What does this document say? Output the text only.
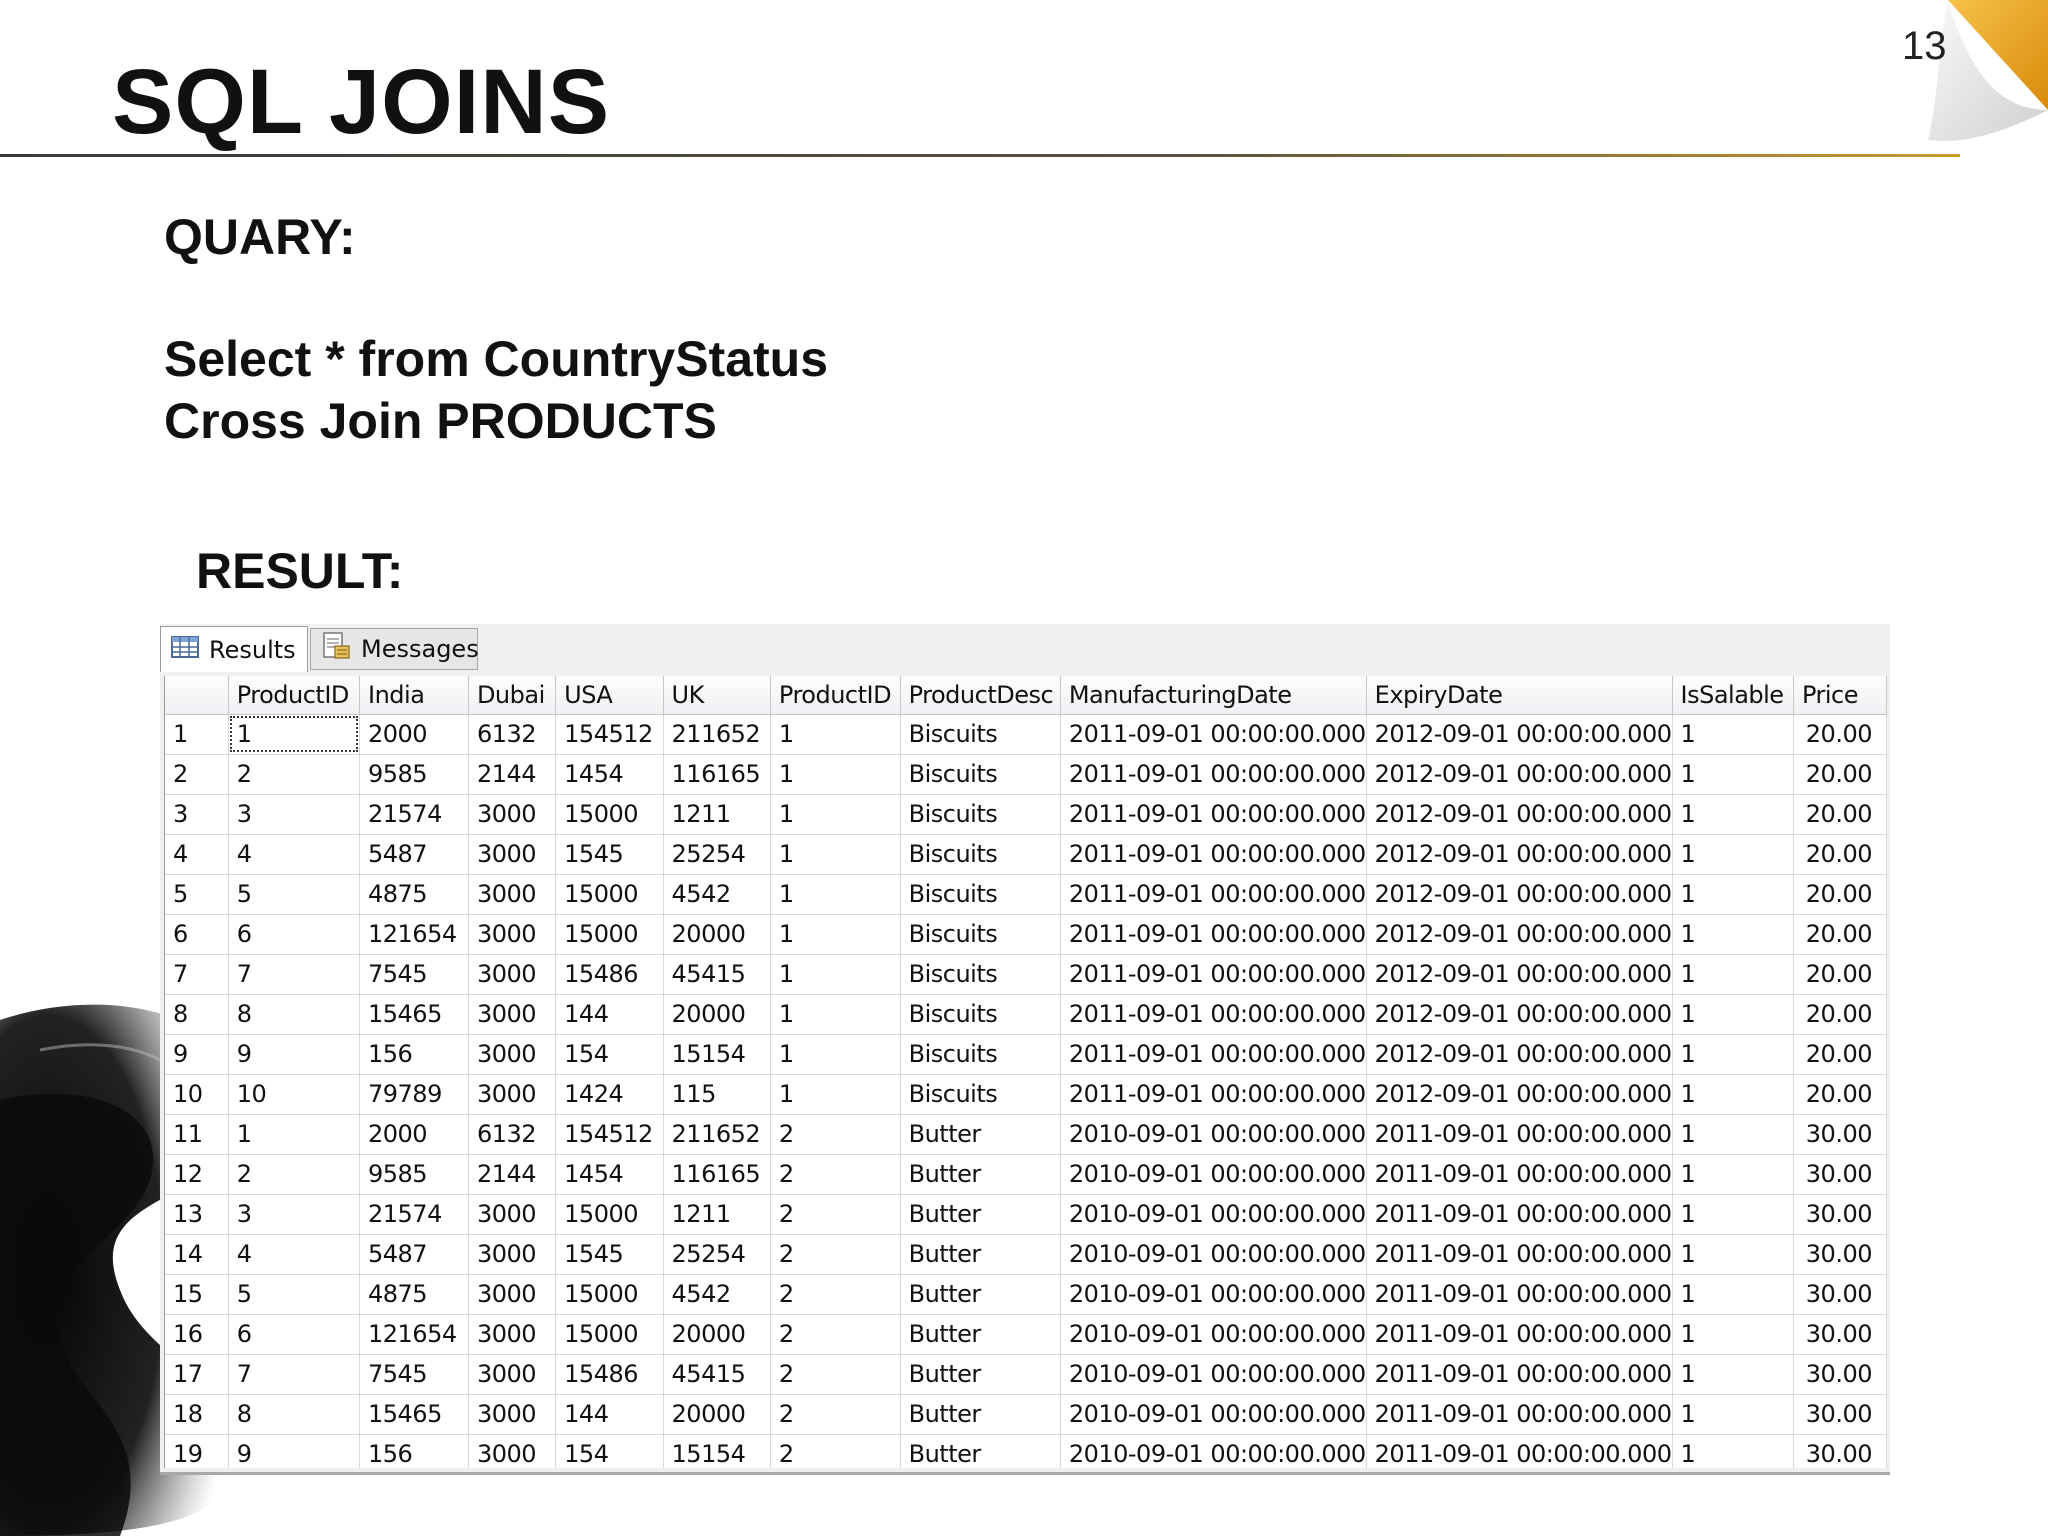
13
SQL JOINS

QUARY:

Select * from CountryStatus

Cross Join PRODUCTS

RESULT:

Results	Messages
	ProductID	India	Dubai	USA	UK	ProductID	ProductDesc	ManufacturingDate	ExpiryDate	IsSalable	Price
1	1	2000	6132	154512	211652	1	Biscuits	2011-09-01 00:00:00.000	2012-09-01 00:00:00.000	1	20.00
2	2	9585	2144	1454	116165	1	Biscuits	2011-09-01 00:00:00.000	2012-09-01 00:00:00.000	1	20.00
3	3	21574	3000	15000	1211	1	Biscuits	2011-09-01 00:00:00.000	2012-09-01 00:00:00.000	1	20.00
4	4	5487	3000	1545	25254	1	Biscuits	2011-09-01 00:00:00.000	2012-09-01 00:00:00.000	1	20.00
5	5	4875	3000	15000	4542	1	Biscuits	2011-09-01 00:00:00.000	2012-09-01 00:00:00.000	1	20.00
6	6	121654	3000	15000	20000	1	Biscuits	2011-09-01 00:00:00.000	2012-09-01 00:00:00.000	1	20.00
7	7	7545	3000	15486	45415	1	Biscuits	2011-09-01 00:00:00.000	2012-09-01 00:00:00.000	1	20.00
8	8	15465	3000	144	20000	1	Biscuits	2011-09-01 00:00:00.000	2012-09-01 00:00:00.000	1	20.00
9	9	156	3000	154	15154	1	Biscuits	2011-09-01 00:00:00.000	2012-09-01 00:00:00.000	1	20.00
10	10	79789	3000	1424	115	1	Biscuits	2011-09-01 00:00:00.000	2012-09-01 00:00:00.000	1	20.00
11	1	2000	6132	154512	211652	2	Butter	2010-09-01 00:00:00.000	2011-09-01 00:00:00.000	1	30.00
12	2	9585	2144	1454	116165	2	Butter	2010-09-01 00:00:00.000	2011-09-01 00:00:00.000	1	30.00
13	3	21574	3000	15000	1211	2	Butter	2010-09-01 00:00:00.000	2011-09-01 00:00:00.000	1	30.00
14	4	5487	3000	1545	25254	2	Butter	2010-09-01 00:00:00.000	2011-09-01 00:00:00.000	1	30.00
15	5	4875	3000	15000	4542	2	Butter	2010-09-01 00:00:00.000	2011-09-01 00:00:00.000	1	30.00
16	6	121654	3000	15000	20000	2	Butter	2010-09-01 00:00:00.000	2011-09-01 00:00:00.000	1	30.00
17	7	7545	3000	15486	45415	2	Butter	2010-09-01 00:00:00.000	2011-09-01 00:00:00.000	1	30.00
18	8	15465	3000	144	20000	2	Butter	2010-09-01 00:00:00.000	2011-09-01 00:00:00.000	1	30.00
19	9	156	3000	154	15154	2	Butter	2010-09-01 00:00:00.000	2011-09-01 00:00:00.000	1	30.00
